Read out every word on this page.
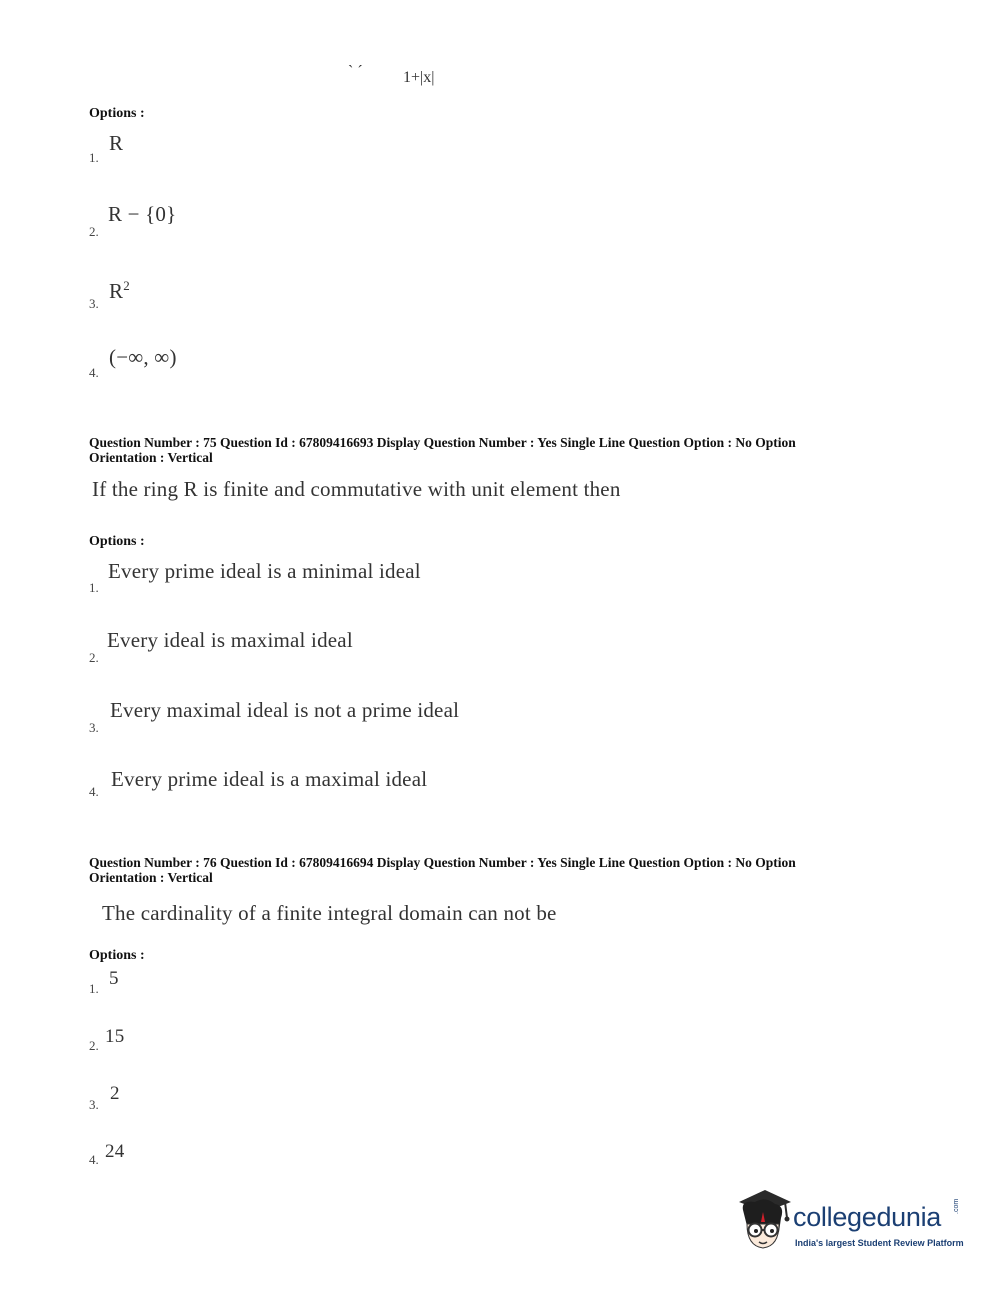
ˋ ˊ	1+|x|
Options :
1.
R
2.
R − {0}
3.
$R^2$
4.
(−∞, ∞)
Question Number : 75 Question Id : 67809416693 Display Question Number : Yes Single Line Question Option : No Option
Orientation : Vertical
If the ring R is finite and commutative with unit element then
Options :
1.
Every prime ideal is a minimal ideal
2.
Every ideal is maximal ideal
3.
Every maximal ideal is not a prime ideal
4.
Every prime ideal is a maximal ideal
Question Number : 76 Question Id : 67809416694 Display Question Number : Yes Single Line Question Option : No Option
Orientation : Vertical
The cardinality of a finite integral domain can not be
Options :
1. 5
2. 15
3.
2
4. 24
collegedunia .com
India's largest Student Review Platform
